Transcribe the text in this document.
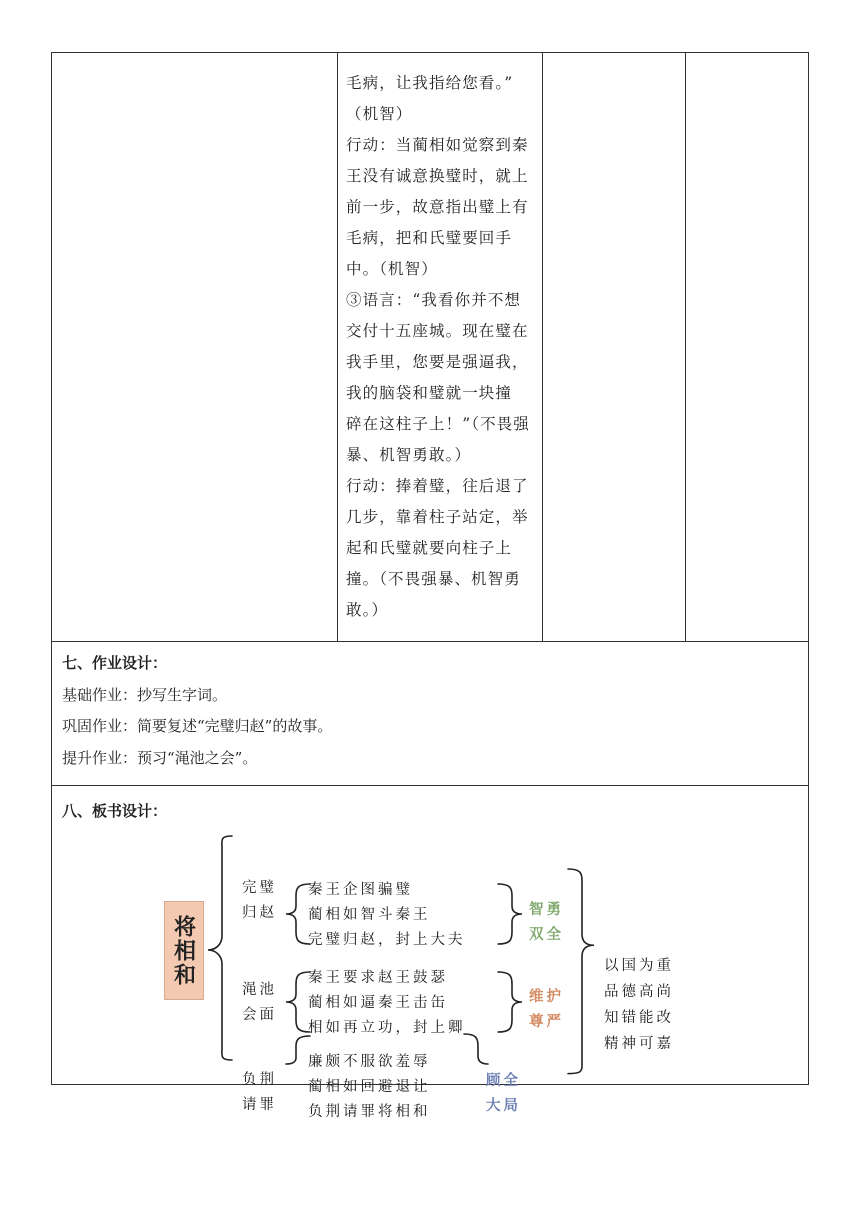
毛病，让我指给您看。”
（机智）
行动：当蔺相如觉察到秦
王没有诚意换璧时，就上
前一步，故意指出璧上有
毛病，把和氏璧要回手
中。（机智）
③语言：“我看你并不想
交付十五座城。现在璧在
我手里，您要是强逼我，
我的脑袋和璧就一块撞
碎在这柱子上！”（不畏强
暴、机智勇敢。）
行动：捧着璧，往后退了
几步，靠着柱子站定，举
起和氏璧就要向柱子上
撞。（不畏强暴、机智勇
敢。）
七、作业设计：
基础作业：抄写生字词。
巩固作业：简要复述“完璧归赵”的故事。
提升作业：预习“渑池之会”。
八、板书设计：
将相和
完璧
归赵
秦王企图骗璧
蔺相如智斗秦王
完璧归赵，封上大夫
智勇
双全
渑池
会面
秦王要求赵王鼓瑟
蔺相如逼秦王击缶
相如再立功，封上卿
维护
尊严
负荆
请罪
廉颇不服欲羞辱
蔺相如回避退让
负荆请罪将相和
顾全
大局
以国为重
品德高尚
知错能改
精神可嘉
